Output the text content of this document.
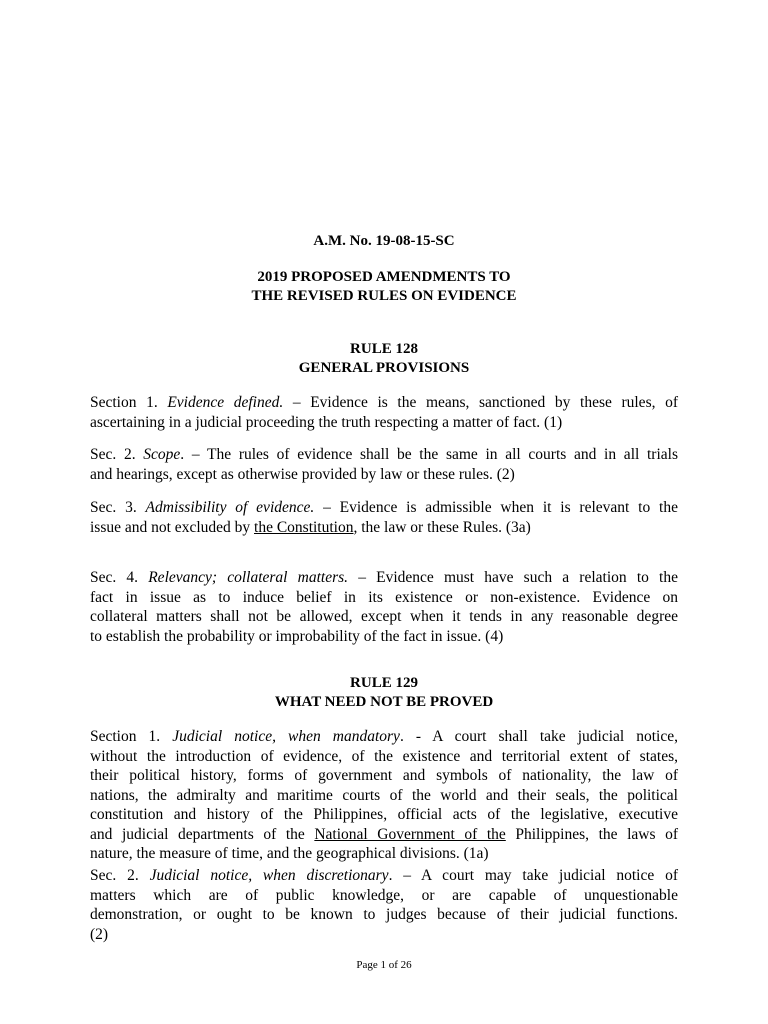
A.M. No. 19-08-15-SC
2019 PROPOSED AMENDMENTS TO
THE REVISED RULES ON EVIDENCE
RULE 128
GENERAL PROVISIONS
Section 1. Evidence defined. – Evidence is the means, sanctioned by these rules, of
ascertaining in a judicial proceeding the truth respecting a matter of fact. (1)
Sec. 2. Scope. – The rules of evidence shall be the same in all courts and in all trials
and hearings, except as otherwise provided by law or these rules. (2)
Sec. 3. Admissibility of evidence. – Evidence is admissible when it is relevant to the
issue and not excluded by the Constitution, the law or these Rules. (3a)
Sec. 4. Relevancy; collateral matters. – Evidence must have such a relation to the
fact in issue as to induce belief in its existence or non-existence. Evidence on
collateral matters shall not be allowed, except when it tends in any reasonable degree
to establish the probability or improbability of the fact in issue. (4)
RULE 129
WHAT NEED NOT BE PROVED
Section 1. Judicial notice, when mandatory. - A court shall take judicial notice,
without the introduction of evidence, of the existence and territorial extent of states,
their political history, forms of government and symbols of nationality, the law of
nations, the admiralty and maritime courts of the world and their seals, the political
constitution and history of the Philippines, official acts of the legislative, executive
and judicial departments of the National Government of the Philippines, the laws of
nature, the measure of time, and the geographical divisions. (1a)
Sec. 2. Judicial notice, when discretionary. – A court may take judicial notice of
matters which are of public knowledge, or are capable of unquestionable
demonstration, or ought to be known to judges because of their judicial functions.
(2)
Page 1 of 26
